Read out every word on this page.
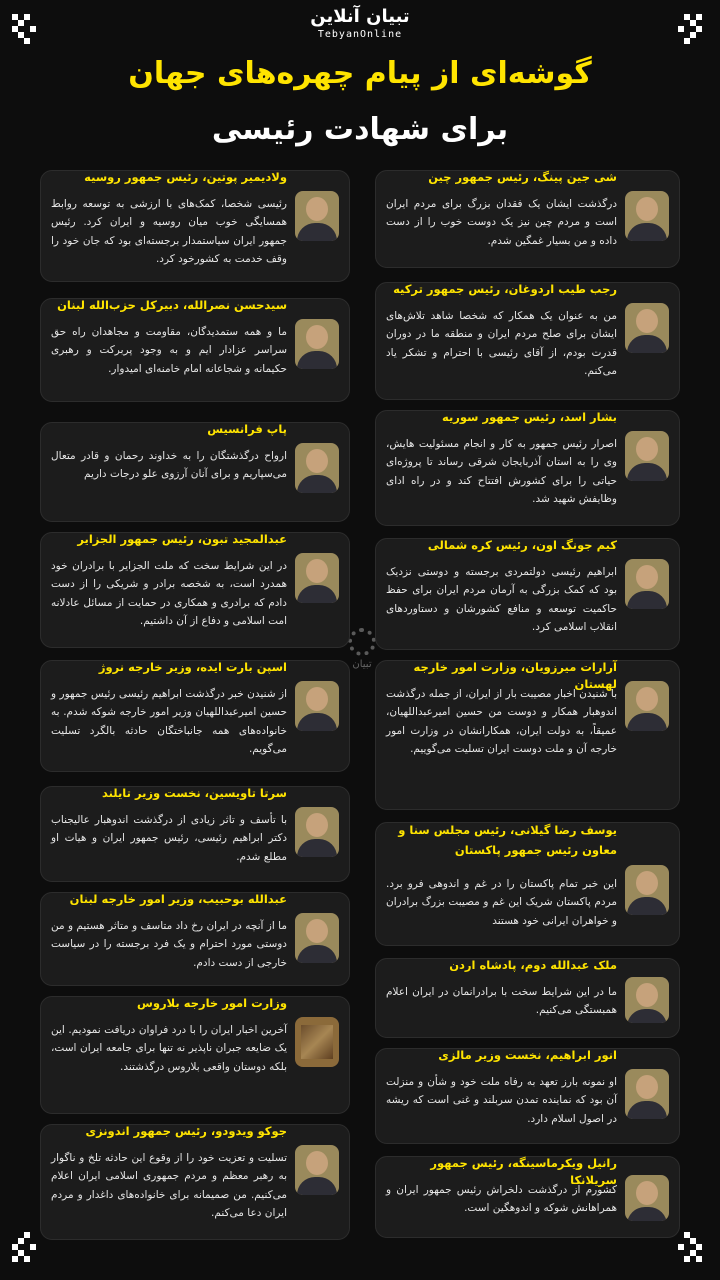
تبیان آنلاین
TebyanOnline
گوشه‌ای از پیام چهره‌های جهان
برای شهادت رئیسی
تبیان
شی جین پینگ، رئیس جمهور چین
درگذشت ایشان یک فقدان بزرگ برای مردم ایران است و مردم چین نیز یک دوست خوب را از دست داده و من بسیار غمگین شدم.
رجب طیب اردوغان، رئیس جمهور ترکیه
من به عنوان یک همکار که شخصا شاهد تلاش‌های ایشان برای صلح مردم ایران و منطقه ما در دوران قدرت بودم، از آقای رئیسی با احترام و تشکر یاد می‌کنم.
بشار اسد، رئیس جمهور سوریه
اصرار رئیس جمهور به کار و انجام مسئولیت هایش، وی را به استان آذربایجان شرقی رساند تا پروژه‌ای حیاتی را برای کشورش افتتاح کند و در راه ادای وظایفش شهید شد.
کیم جونگ اون، رئیس کره شمالی
ابراهیم رئیسی دولتمردی برجسته و دوستی نزدیک بود که کمک بزرگی به آرمان مردم ایران برای حفظ حاکمیت توسعه و منافع کشورشان و دستاوردهای انقلاب اسلامی کرد.
آرارات میرزویان، وزارت امور خارجه لهستان
با شنیدن اخبار مصیبت بار از ایران، از جمله درگذشت اندوهبار همکار و دوست من حسین امیرعبداللهیان، عمیقاً، به دولت ایران، همکارانشان در وزارت امور خارجه آن و ملت دوست ایران تسلیت می‌گوییم.
یوسف رضا گیلانی، رئیس مجلس سنا و معاون رئیس جمهور پاکستان
این خبر تمام پاکستان را در غم و اندوهی فرو برد. مردم پاکستان شریک این غم و مصیبت بزرگ برادران و خواهران ایرانی خود هستند
ملک عبدالله دوم، پادشاه اردن
ما در این شرایط سخت با برادرانمان در ایران اعلام همبستگی می‌کنیم.
انور ابراهیم، نخست وزیر مالزی
او نمونه بارز تعهد به رفاه ملت خود و شأن و منزلت آن بود که نماینده تمدن سربلند و غنی است که ریشه در اصول اسلام دارد.
رانیل ویکرماسینگه، رئیس جمهور سریلانکا
کشورم از درگذشت دلخراش رئیس جمهور ایران و همراهانش شوکه و اندوهگین است.
ولادیمیر پوتین، رئیس جمهور روسیه
رئیسی شخصا، کمک‌های با ارزشی به توسعه روابط همسایگی خوب میان روسیه و ایران کرد. رئیس جمهور ایران سیاستمدار برجسته‌ای بود که جان خود را وقف خدمت به کشورخود کرد.
سیدحسن نصرالله، دبیرکل حزب‌الله لبنان
ما و همه ستمدیدگان، مقاومت و مجاهدان راه حق سراسر عزادار ایم و به وجود پربرکت و رهبری حکیمانه و شجاعانه امام خامنه‌ای امیدوار.
پاپ فرانسیس
ارواح درگذشتگان را به خداوند رحمان و قادر متعال می‌سپاریم و برای آنان آرزوی علو درجات داریم
عبدالمجید تبون، رئیس جمهور الجزایر
در این شرایط سخت که ملت الجزایر با برادران خود همدرد است، به شخصه برادر و شریکی را از دست دادم که برادری و همکاری در حمایت از مسائل عادلانه امت اسلامی و دفاع از آن داشتیم.
اسپن بارت ایده، وزیر خارجه نروژ
از شنیدن خبر درگذشت ابراهیم رئیسی رئیس جمهور و حسین امیرعبداللهیان وزیر امور خارجه شوکه شدم. به خانواده‌های همه جانباختگان حادثه بالگرد تسلیت می‌گویم.
سرتا تاویسین، نخست وزیر تایلند
با تأسف و تاثر زیادی از درگذشت اندوهبار عالیجناب دکتر ابراهیم رئیسی، رئیس جمهور ایران و هیات او مطلع شدم.
عبدالله بوحبیب، وزیر امور خارجه لبنان
ما از آنچه در ایران رخ داد متاسف و متاثر هستیم و من دوستی مورد احترام و یک فرد برجسته را در سیاست خارجی از دست دادم.
وزارت امور خارجه بلاروس
آخرین اخبار ایران را با درد فراوان دریافت نمودیم. این یک ضایعه جبران ناپذیر نه تنها برای جامعه ایران است، بلکه دوستان واقعی بلاروس درگذشتند.
جوکو ویدودو، رئیس جمهور اندونزی
تسلیت و تعزیت خود را از وقوع این حادثه تلخ و ناگوار به رهبر معظم و مردم جمهوری اسلامی ایران اعلام می‌کنیم. من صمیمانه برای خانواده‌های داغدار و مردم ایران دعا می‌کنم.
